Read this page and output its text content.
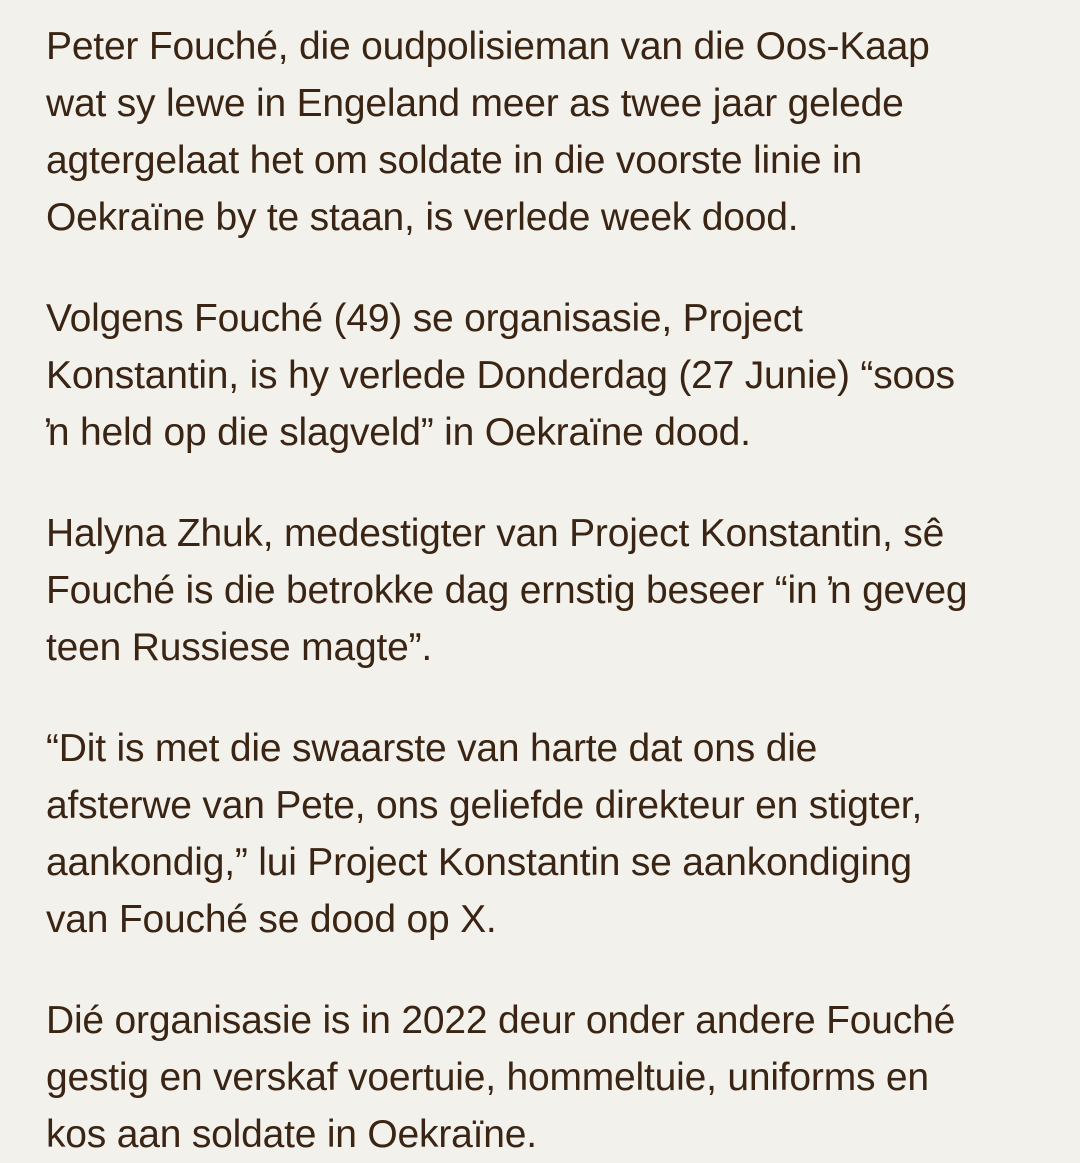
Peter Fouché, die oudpolisieman van die Oos-Kaap
wat sy lewe in Engeland meer as twee jaar gelede
agtergelaat het om soldate in die voorste linie in
Oekraïne by te staan, is verlede week dood.

Volgens Fouché (49) se organisasie, Project
Konstantin, is hy verlede Donderdag (27 Junie) “soos
ŉ held op die slagveld” in Oekraïne dood.

Halyna Zhuk, medestigter van Project Konstantin, sê
Fouché is die betrokke dag ernstig beseer “in ŉ geveg
teen Russiese magte”.

“Dit is met die swaarste van harte dat ons die
afsterwe van Pete, ons geliefde direkteur en stigter,
aankondig,” lui Project Konstantin se aankondiging
van Fouché se dood op X.

Dié organisasie is in 2022 deur onder andere Fouché
gestig en verskaf voertuie, hommeltuie, uniforms en
kos aan soldate in Oekraïne.
